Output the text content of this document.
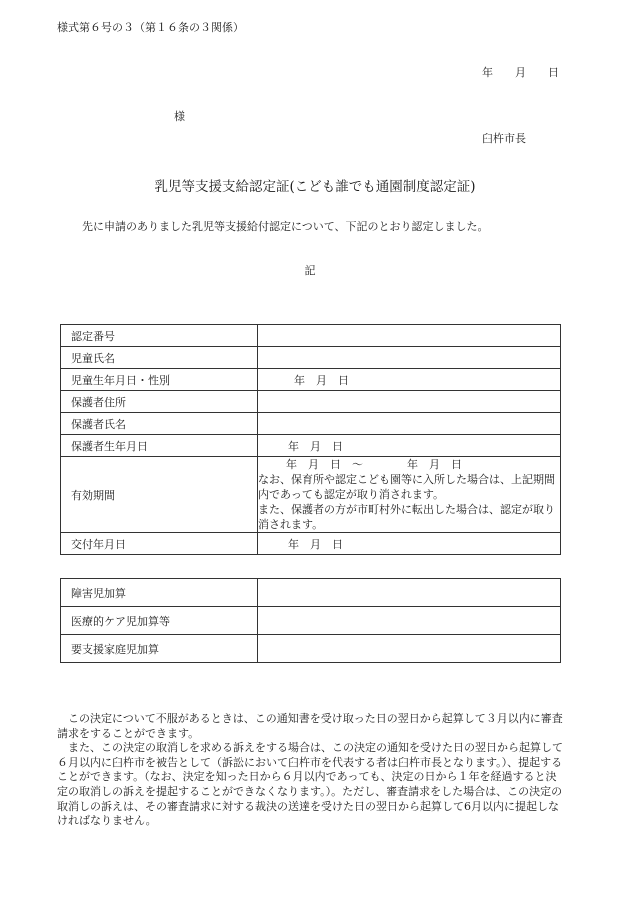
様式第６号の３（第１６条の３関係）
年 月 日
様
臼杵市長
乳児等支援支給認定証(こども誰でも通園制度認定証)
先に申請のありました乳児等支援給付認定について、下記のとおり認定しました。
記
認定番号	
児童氏名	
児童生年月日・性別	年　月　日
保護者住所	
保護者氏名	
保護者生年月日	年　月　日
有効期間	年　月　日　～　　　　年　月　日
なお、保育所や認定こども園等に入所した場合は、上記期間内であっても認定が取り消されます。
また、保護者の方が市町村外に転出した場合は、認定が取り消されます。

交付年月日	年　月　日
障害児加算	
医療的ケア児加算等	
要支援家庭児加算	

この決定について不服があるときは、この通知書を受け取った日の翌日から起算して３月以内に審査請求をすることができます。

また、この決定の取消しを求める訴えをする場合は、この決定の通知を受けた日の翌日から起算して６月以内に臼杵市を被告として（訴訟において臼杵市を代表する者は臼杵市長となります。）、提起することができます。（なお、決定を知った日から６月以内であっても、決定の日から１年を経過すると決定の取消しの訴えを提起することができなくなります。）。ただし、審査請求をした場合は、この決定の取消しの訴えは、その審査請求に対する裁決の送達を受けた日の翌日から起算して6月以内に提起しなければなりません。
